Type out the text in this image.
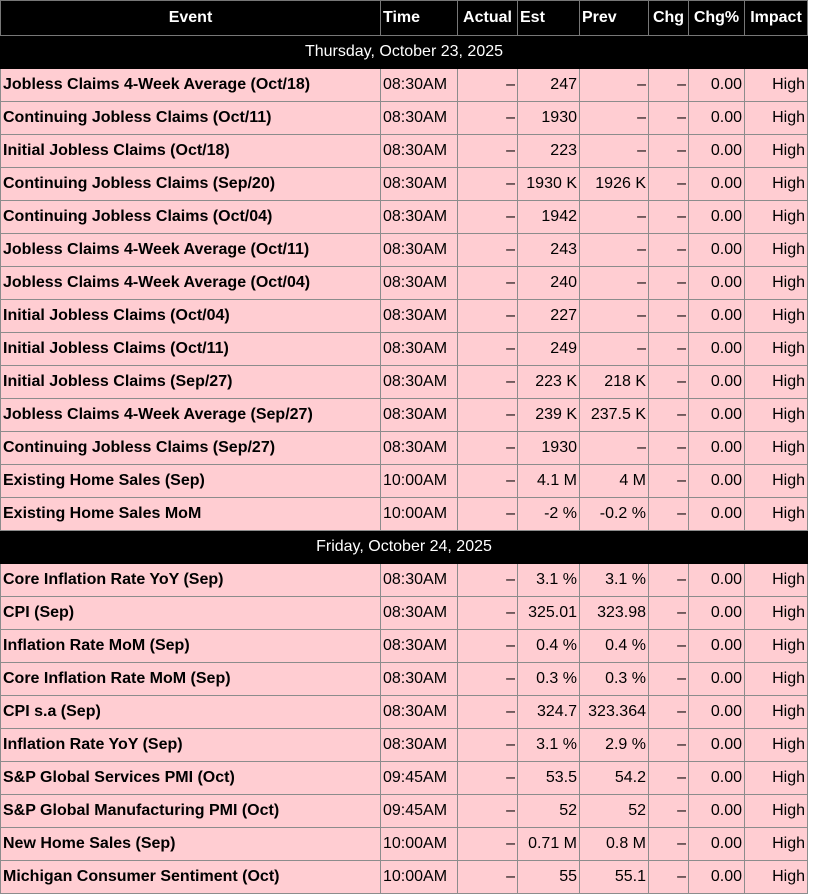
Event	Time	Actual	Est	Prev	Chg	Chg%	Impact
Thursday, October 23, 2025							
Jobless Claims 4-Week Average (Oct/18)	08:30AM	–	247	–	–	0.00	High
Continuing Jobless Claims (Oct/11)	08:30AM	–	1930	–	–	0.00	High
Initial Jobless Claims (Oct/18)	08:30AM	–	223	–	–	0.00	High
Continuing Jobless Claims (Sep/20)	08:30AM	–	1930 K	1926 K	–	0.00	High
Continuing Jobless Claims (Oct/04)	08:30AM	–	1942	–	–	0.00	High
Jobless Claims 4-Week Average (Oct/11)	08:30AM	–	243	–	–	0.00	High
Jobless Claims 4-Week Average (Oct/04)	08:30AM	–	240	–	–	0.00	High
Initial Jobless Claims (Oct/04)	08:30AM	–	227	–	–	0.00	High
Initial Jobless Claims (Oct/11)	08:30AM	–	249	–	–	0.00	High
Initial Jobless Claims (Sep/27)	08:30AM	–	223 K	218 K	–	0.00	High
Jobless Claims 4-Week Average (Sep/27)	08:30AM	–	239 K	237.5 K	–	0.00	High
Continuing Jobless Claims (Sep/27)	08:30AM	–	1930	–	–	0.00	High
Existing Home Sales (Sep)	10:00AM	–	4.1 M	4 M	–	0.00	High
Existing Home Sales MoM	10:00AM	–	-2 %	-0.2 %	–	0.00	High
Friday, October 24, 2025							
Core Inflation Rate YoY (Sep)	08:30AM	–	3.1 %	3.1 %	–	0.00	High
CPI (Sep)	08:30AM	–	325.01	323.98	–	0.00	High
Inflation Rate MoM (Sep)	08:30AM	–	0.4 %	0.4 %	–	0.00	High
Core Inflation Rate MoM (Sep)	08:30AM	–	0.3 %	0.3 %	–	0.00	High
CPI s.a (Sep)	08:30AM	–	324.7	323.364	–	0.00	High
Inflation Rate YoY (Sep)	08:30AM	–	3.1 %	2.9 %	–	0.00	High
S&P Global Services PMI (Oct)	09:45AM	–	53.5	54.2	–	0.00	High
S&P Global Manufacturing PMI (Oct)	09:45AM	–	52	52	–	0.00	High
New Home Sales (Sep)	10:00AM	–	0.71 M	0.8 M	–	0.00	High
Michigan Consumer Sentiment (Oct)	10:00AM	–	55	55.1	–	0.00	High
